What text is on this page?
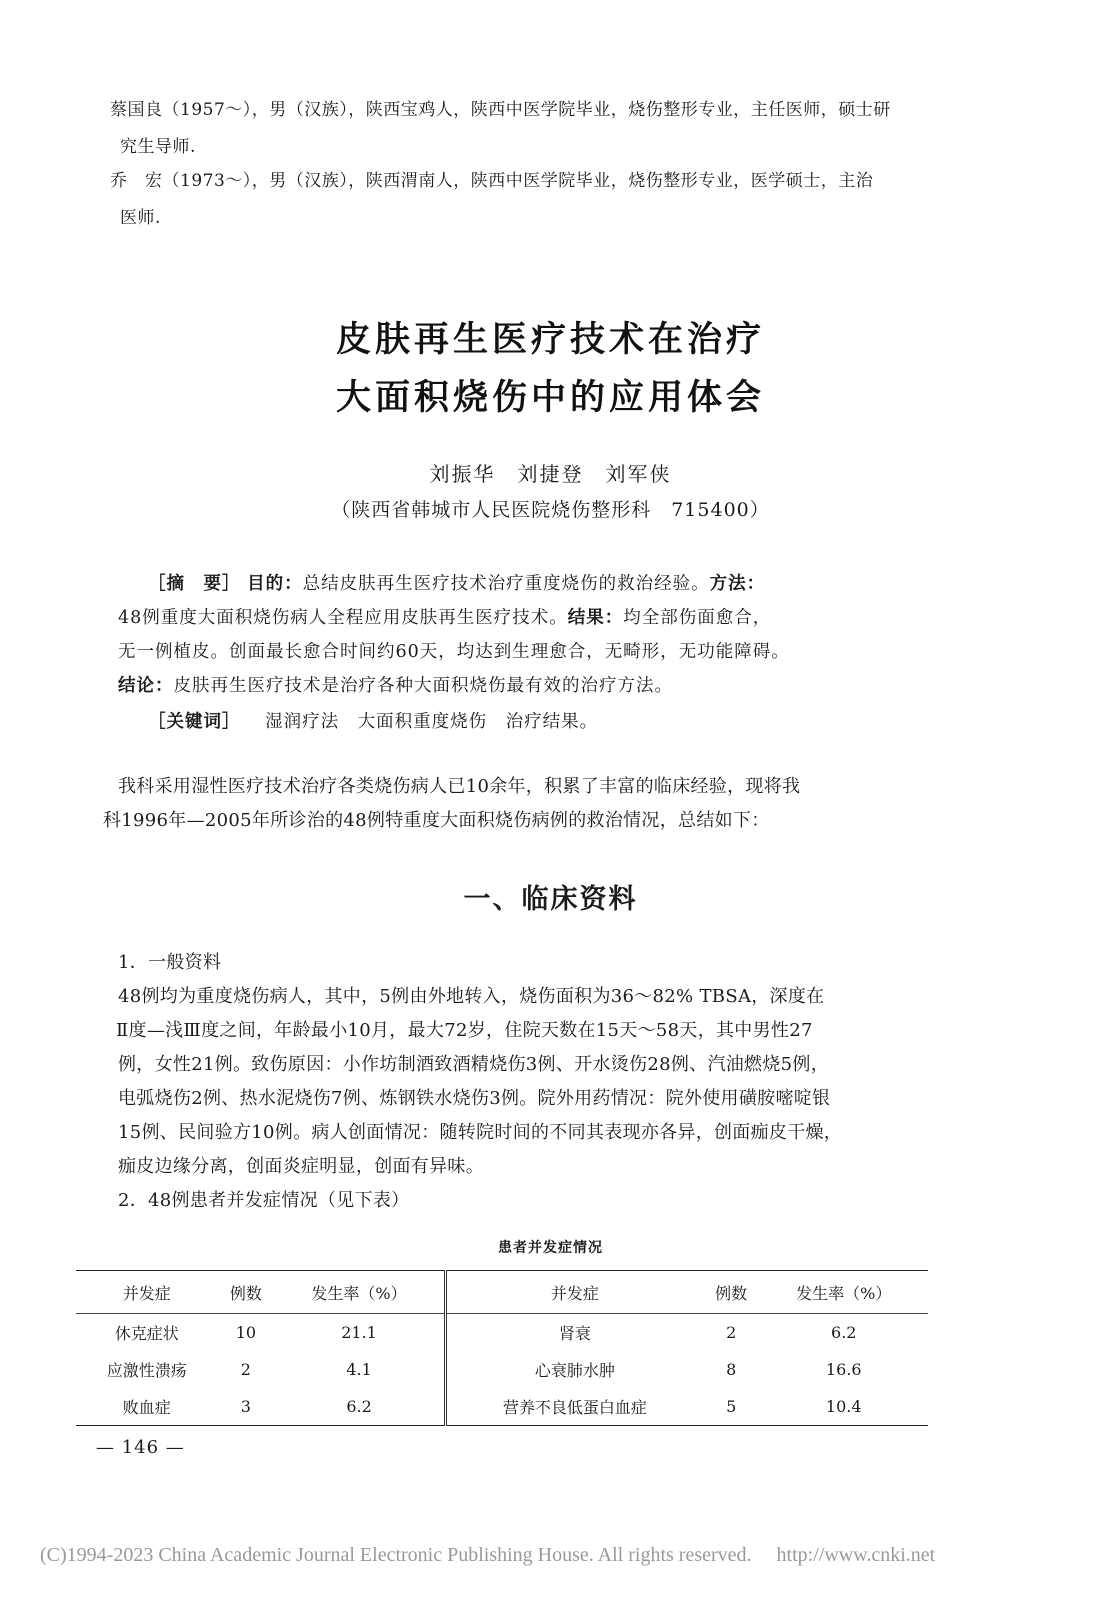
蔡国良（1957～），男（汉族），陕西宝鸡人，陕西中医学院毕业，烧伤整形专业，主任医师，硕士研
究生导师.
乔　宏（1973～），男（汉族），陕西渭南人，陕西中医学院毕业，烧伤整形专业，医学硕士，主治
医师.
皮肤再生医疗技术在治疗
大面积烧伤中的应用体会
刘振华　刘捷登　刘军侠
（陕西省韩城市人民医院烧伤整形科　715400）

［摘　要］ 目的：总结皮肤再生医疗技术治疗重度烧伤的救治经验。方法：

48例重度大面积烧伤病人全程应用皮肤再生医疗技术。结果：均全部伤面愈合，

无一例植皮。创面最长愈合时间约60天，均达到生理愈合，无畸形，无功能障碍。

结论：皮肤再生医疗技术是治疗各种大面积烧伤最有效的治疗方法。

［关键词］ 湿润疗法　大面积重度烧伤　治疗结果。

我科采用湿性医疗技术治疗各类烧伤病人已10余年，积累了丰富的临床经验，现将我

科1996年—2005年所诊治的48例特重度大面积烧伤病例的救治情况，总结如下：

一、临床资料

1．一般资料

48例均为重度烧伤病人，其中，5例由外地转入，烧伤面积为36～82% TBSA，深度在

Ⅱ度—浅Ⅲ度之间，年龄最小10月，最大72岁，住院天数在15天～58天，其中男性27

例，女性21例。致伤原因：小作坊制酒致酒精烧伤3例、开水烫伤28例、汽油燃烧5例，

电弧烧伤2例、热水泥烧伤7例、炼钢铁水烧伤3例。院外用药情况：院外使用磺胺嘧啶银

15例、民间验方10例。病人创面情况：随转院时间的不同其表现亦各异，创面痂皮干燥，

痂皮边缘分离，创面炎症明显，创面有异味。

2．48例患者并发症情况（见下表）

患者并发症情况
并发症	例数	发生率（%）	并发症	例数	发生率（%）
休克症状	10	21.1	肾衰	2	6.2
应激性溃疡	2	4.1	心衰肺水肿	8	16.6
败血症	3	6.2	营养不良低蛋白血症	5	10.4
— 146 —
(C)1994-2023 China Academic Journal Electronic Publishing House. All rights reserved.　 http://www.cnki.net
